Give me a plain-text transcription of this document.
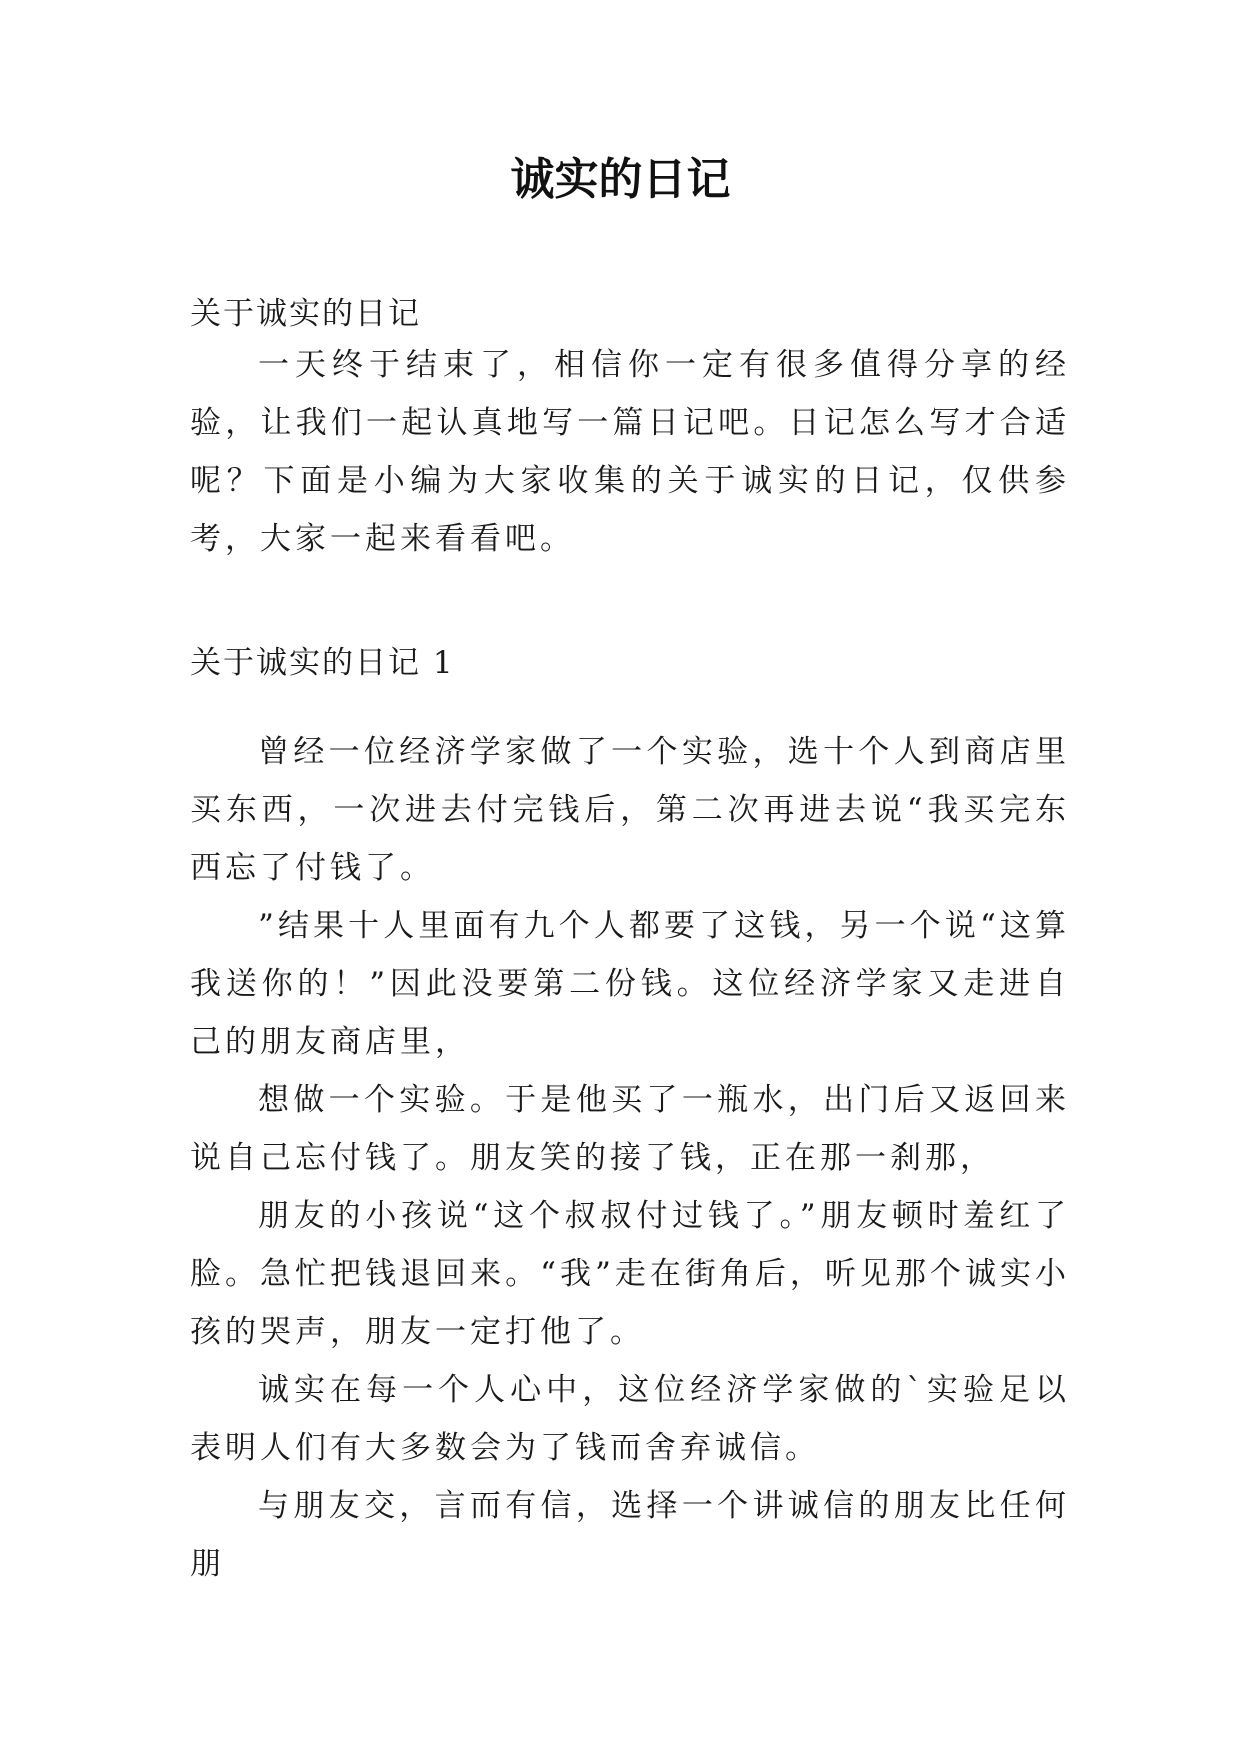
诚实的日记

关于诚实的日记

一天终于结束了，相信你一定有很多值得分享的经验，让我们一起认真地写一篇日记吧。日记怎么写才合适呢？下面是小编为大家收集的关于诚实的日记，仅供参考，大家一起来看看吧。

关于诚实的日记 1

曾经一位经济学家做了一个实验，选十个人到商店里买东西，一次进去付完钱后，第二次再进去说“我买完东西忘了付钱了。

”结果十人里面有九个人都要了这钱，另一个说“这算我送你的！”因此没要第二份钱。这位经济学家又走进自己的朋友商店里，

想做一个实验。于是他买了一瓶水，出门后又返回来说自己忘付钱了。朋友笑的接了钱，正在那一刹那，

朋友的小孩说“这个叔叔付过钱了。”朋友顿时羞红了脸。急忙把钱退回来。“我”走在街角后，听见那个诚实小孩的哭声，朋友一定打他了。

诚实在每一个人心中，这位经济学家做的`实验足以表明人们有大多数会为了钱而舍弃诚信。

与朋友交，言而有信，选择一个讲诚信的朋友比任何朋
